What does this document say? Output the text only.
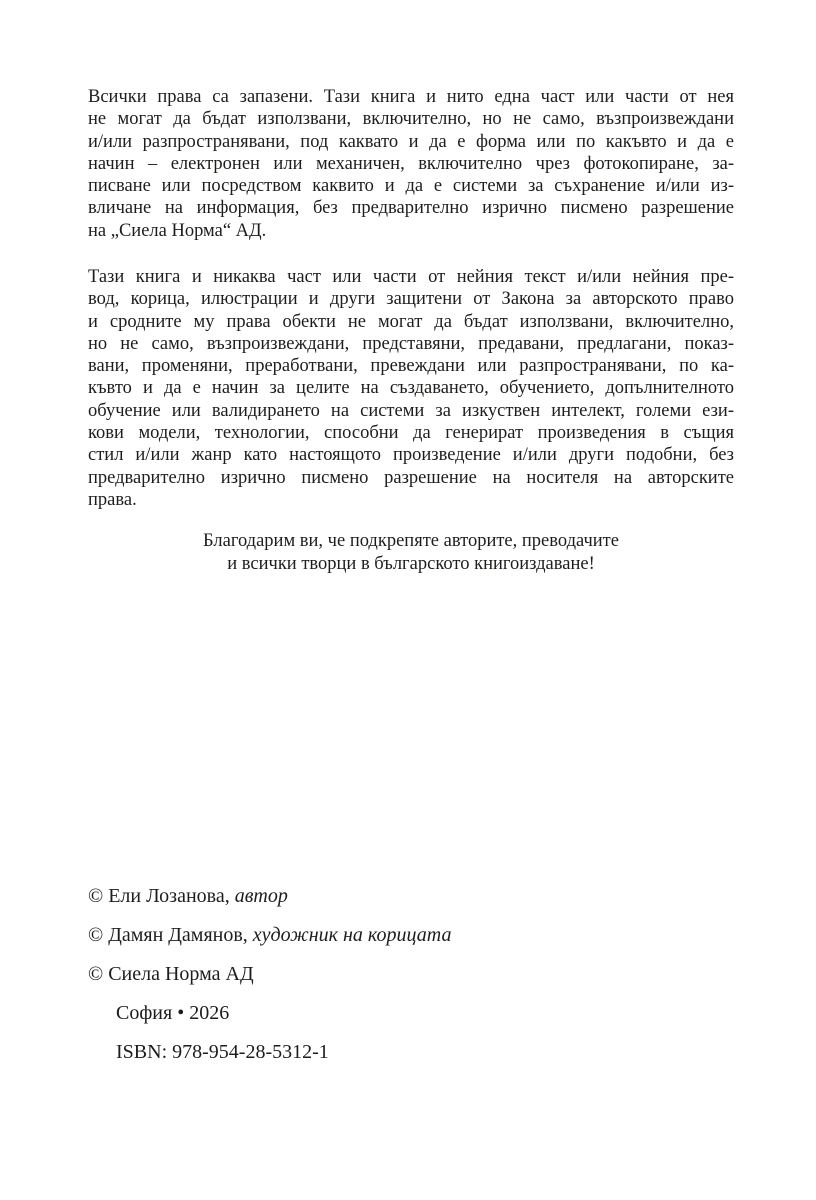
Всички права са запазени. Тази книга и нито една част или части от нея
не могат да бъдат използвани, включително, но не само, възпроизвеждани
и/или разпространявани, под каквато и да е форма или по какъвто и да е
начин – електронен или механичен, включително чрез фотокопиране, за-
писване или посредством каквито и да е системи за съхранение и/или из-
вличане на информация, без предварително изрично писмено разрешение
на „Сиела Норма“ АД.
Тази книга и никаква част или части от нейния текст и/или нейния пре-
вод, корица, илюстрации и други защитени от Закона за авторското право
и сродните му права обекти не могат да бъдат използвани, включително,
но не само, възпроизвеждани, представяни, предавани, предлагани, показ-
вани, променяни, преработвани, превеждани или разпространявани, по ка-
къвто и да е начин за целите на създаването, обучението, допълнителното
обучение или валидирането на системи за изкуствен интелект, големи ези-
кови модели, технологии, способни да генерират произведения в същия
стил и/или жанр като настоящото произведение и/или други подобни, без
предварително изрично писмено разрешение на носителя на авторските
права.
Благодарим ви, че подкрепяте авторите, преводачите
и всички творци в българското книгоиздаване!
© Ели Лозанова, автор
© Дамян Дамянов, художник на корицата
© Сиела Норма АД
София • 2026
ISBN: 978-954-28-5312-1
